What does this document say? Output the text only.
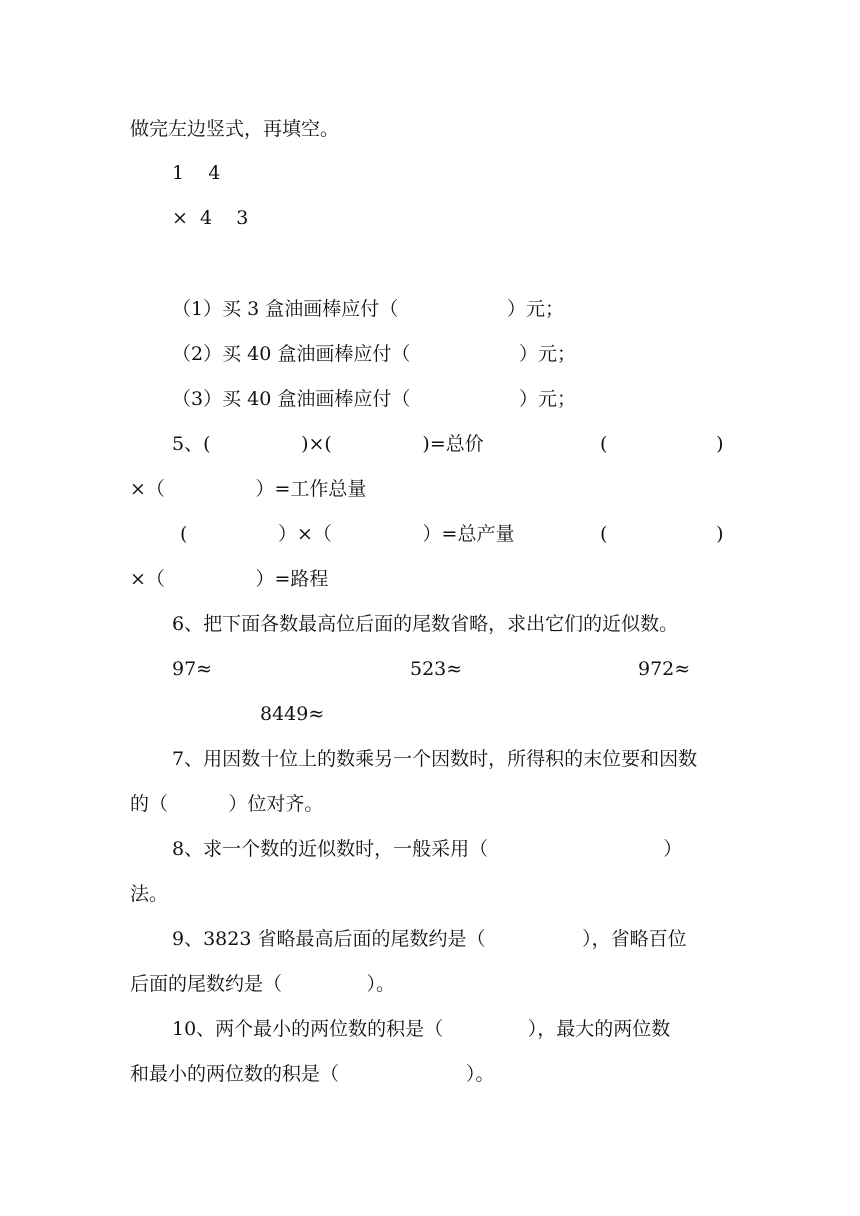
做完左边竖式，再填空。
1    4
×  4    3
（1）买 3 盒油画棒应付（                  ）元；
（2）买 40 盒油画棒应付（                  ）元；
（3）买 40 盒油画棒应付（                  ）元；
5、(               )×(               )=总价	(                  )
×（               ）=工作总量
(               ）×（               ）=总产量	(                  )
×（               ）=路程
6、把下面各数最高位后面的尾数省略，求出它们的近似数。
97≈	523≈	972≈
8449≈
7、用因数十位上的数乘另一个因数时，所得积的末位要和因数
的（          ）位对齐。
8、求一个数的近似数时，一般采用（                             ）
法。
9、3823 省略最高后面的尾数约是（                ），省略百位
后面的尾数约是（              ）。
10、两个最小的两位数的积是（              ），最大的两位数
和最小的两位数的积是（                     ）。
